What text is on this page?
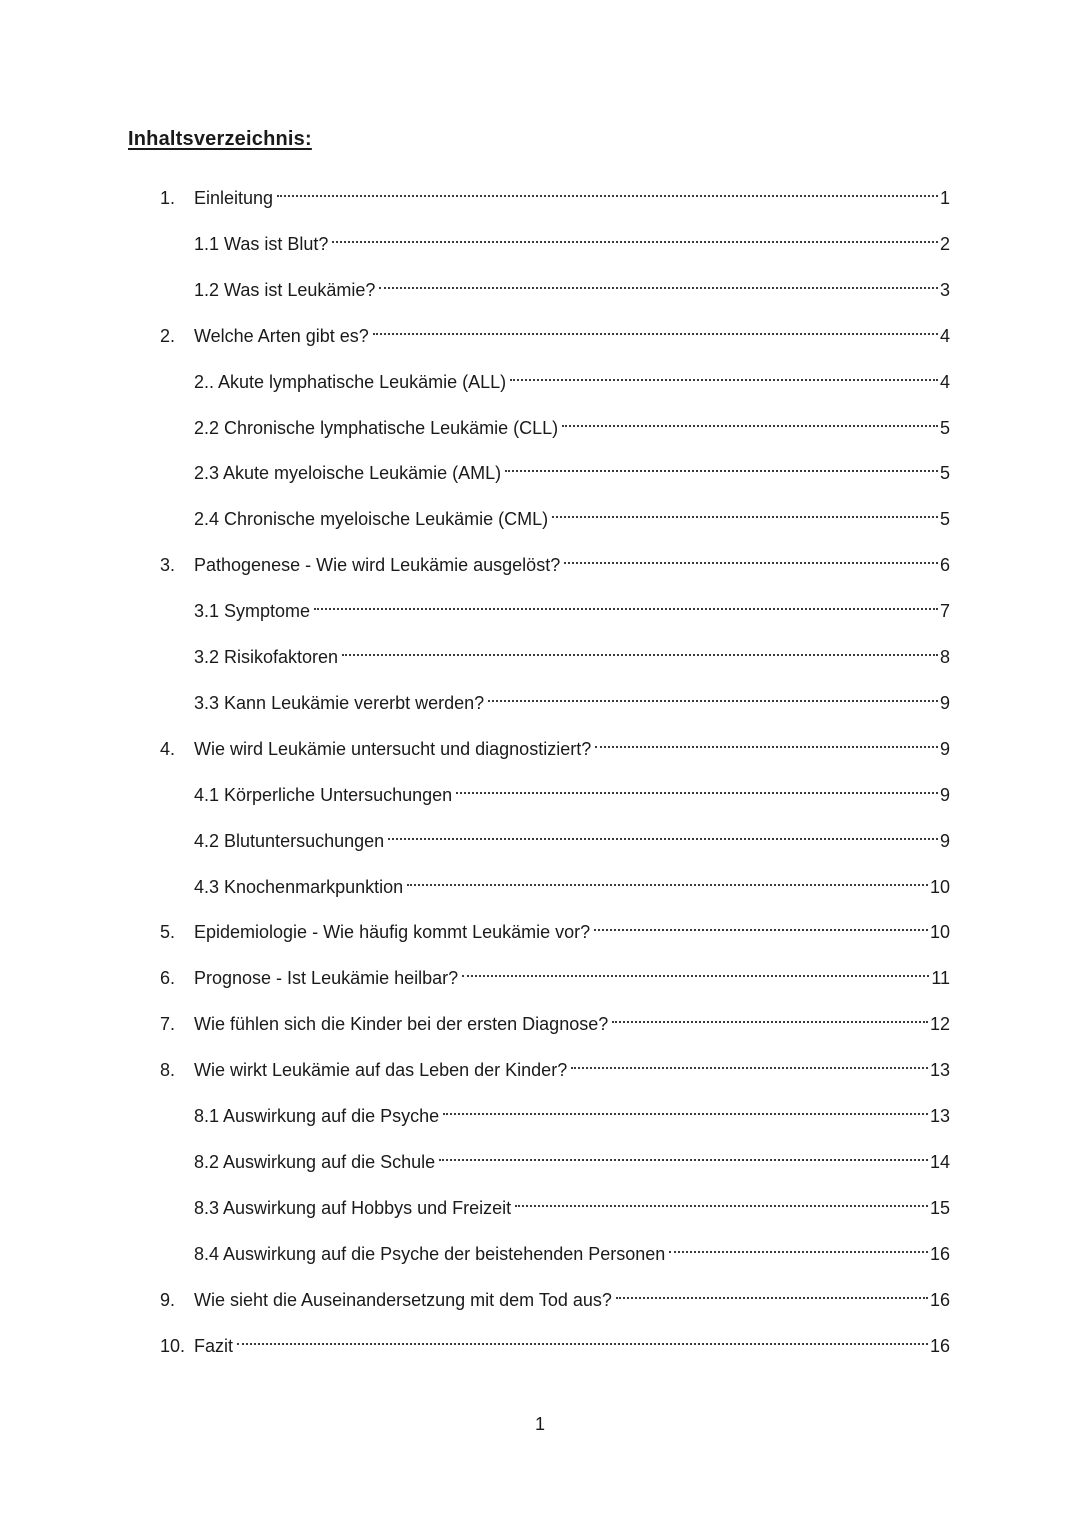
Inhaltsverzeichnis:
1.	Einleitung	1
1.1 Was ist Blut?	2
1.2 Was ist Leukämie?	3
2.	Welche Arten gibt es?	4
2.. Akute lymphatische Leukämie (ALL)	4
2.2 Chronische lymphatische Leukämie (CLL)	5
2.3 Akute myeloische Leukämie (AML)	5
2.4 Chronische myeloische Leukämie (CML)	5
3.	Pathogenese - Wie wird Leukämie ausgelöst?	6
3.1 Symptome	7
3.2 Risikofaktoren	8
3.3 Kann Leukämie vererbt werden?	9
4.	Wie wird Leukämie untersucht und diagnostiziert?	9
4.1 Körperliche Untersuchungen	9
4.2 Blutuntersuchungen	9
4.3 Knochenmarkpunktion	10
5.	Epidemiologie - Wie häufig kommt Leukämie vor?	10
6.	Prognose - Ist Leukämie heilbar?	11
7.	Wie fühlen sich die Kinder bei der ersten Diagnose?	12
8.	Wie wirkt Leukämie auf das Leben der Kinder?	13
8.1 Auswirkung auf die Psyche	13
8.2 Auswirkung auf die Schule	14
8.3 Auswirkung auf Hobbys und Freizeit	15
8.4 Auswirkung auf die Psyche der beistehenden Personen	16
9.	Wie sieht die Auseinandersetzung mit dem Tod aus?	16
10. Fazit	16
1
